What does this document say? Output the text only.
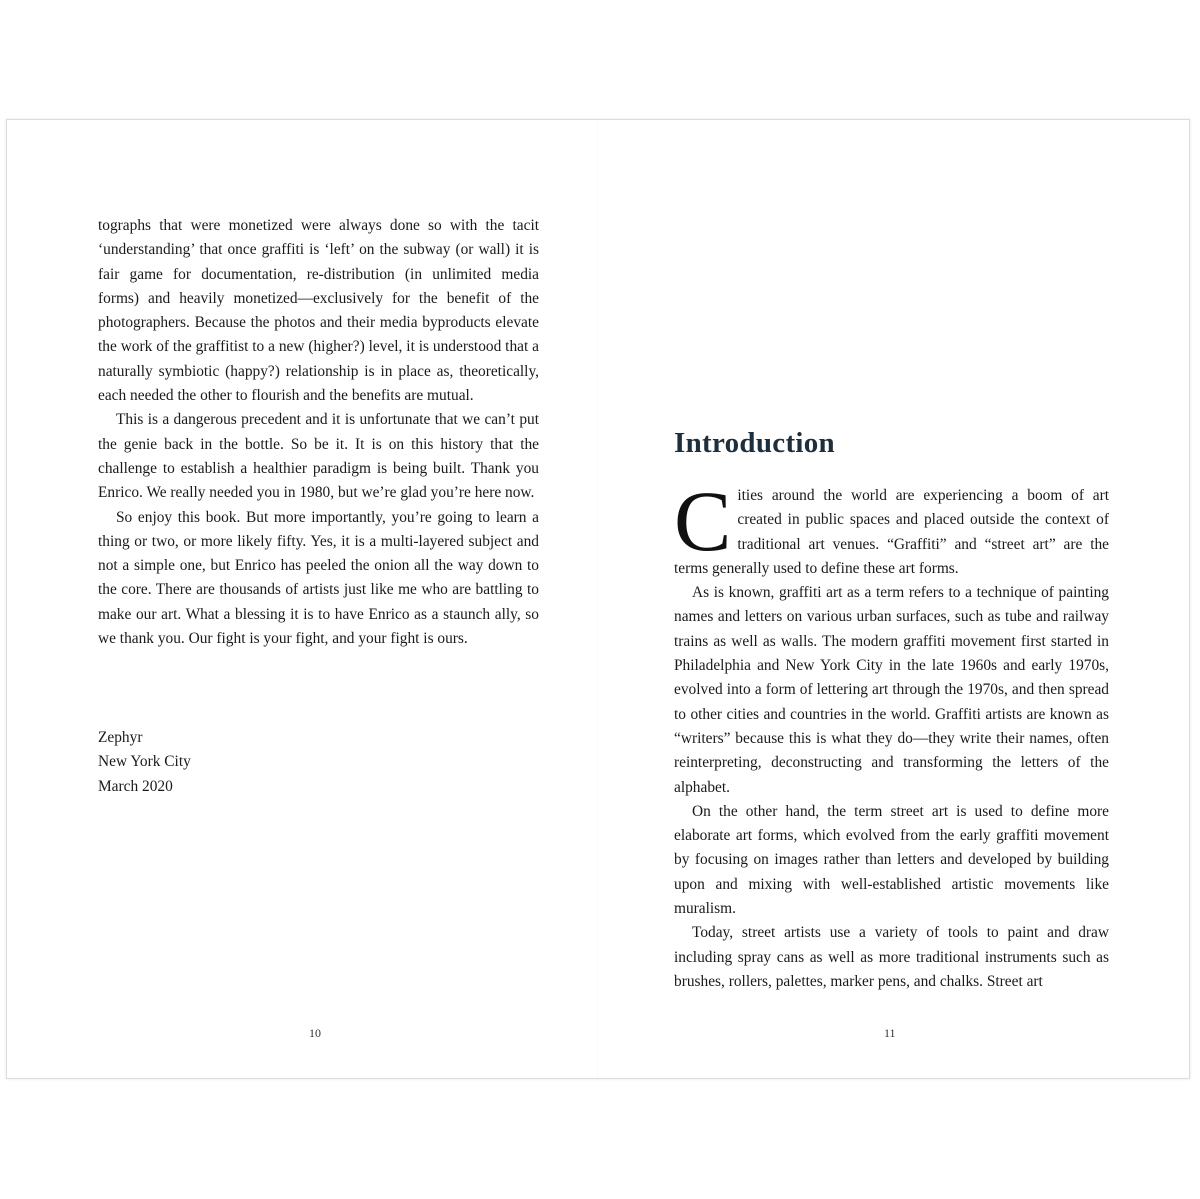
tographs that were monetized were always done so with the tacit ‘understanding’ that once graffiti is ‘left’ on the subway (or wall) it is fair game for documentation, re-distribution (in unlimited media forms) and heavily monetized—exclusively for the benefit of the photographers. Because the photos and their media byproducts elevate the work of the graffitist to a new (higher?) level, it is understood that a naturally symbiotic (happy?) relationship is in place as, theoretically, each needed the other to flourish and the benefits are mutual.

This is a dangerous precedent and it is unfortunate that we can’t put the genie back in the bottle. So be it. It is on this history that the challenge to establish a healthier paradigm is being built. Thank you Enrico. We really needed you in 1980, but we’re glad you’re here now.

So enjoy this book. But more importantly, you’re going to learn a thing or two, or more likely fifty. Yes, it is a multi-layered subject and not a simple one, but Enrico has peeled the onion all the way down to the core. There are thousands of artists just like me who are battling to make our art. What a blessing it is to have Enrico as a staunch ally, so we thank you. Our fight is your fight, and your fight is ours.

Zephyr
New York City
March 2020
10
Introduction

Cities around the world are experiencing a boom of art created in public spaces and placed outside the context of traditional art venues. “Graffiti” and “street art” are the terms generally used to define these art forms.

As is known, graffiti art as a term refers to a technique of painting names and letters on various urban surfaces, such as tube and railway trains as well as walls. The modern graffiti movement first started in Philadelphia and New York City in the late 1960s and early 1970s, evolved into a form of lettering art through the 1970s, and then spread to other cities and countries in the world. Graffiti artists are known as “writers” because this is what they do—they write their names, often reinterpreting, deconstructing and transforming the letters of the alphabet.

On the other hand, the term street art is used to define more elaborate art forms, which evolved from the early graffiti movement by focusing on images rather than letters and developed by building upon and mixing with well-established artistic movements like muralism.

Today, street artists use a variety of tools to paint and draw including spray cans as well as more traditional instruments such as brushes, rollers, palettes, marker pens, and chalks. Street art

11
